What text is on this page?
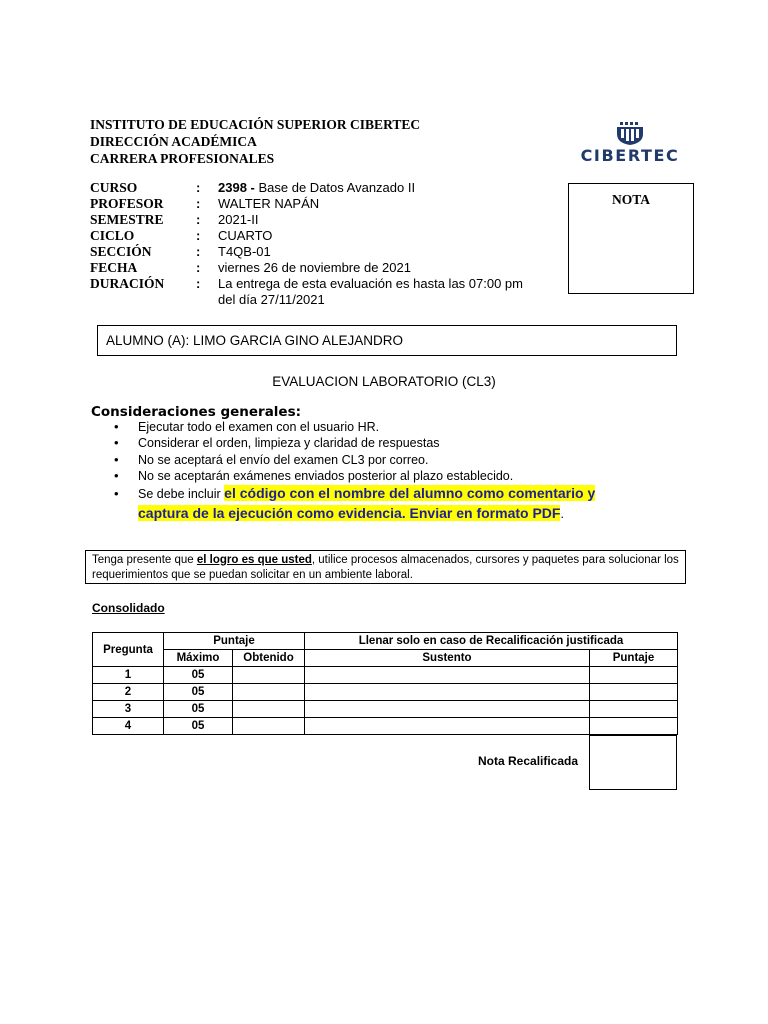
INSTITUTO DE EDUCACIÓN SUPERIOR CIBERTEC
DIRECCIÓN ACADÉMICA
CARRERA PROFESIONALES	CIBERTEC
CURSO	: 2398 - Base de Datos Avanzado II
PROFESOR	: WALTER NAPÁN
SEMESTRE	: 2021-II
CICLO	: CUARTO
SECCIÓN	: T4QB-01
FECHA	: viernes 26 de noviembre de 2021
DURACIÓN	: La entrega de esta evaluación es hasta las 07:00 pm
del día 27/11/2021
NOTA
ALUMNO (A): LIMO GARCIA GINO ALEJANDRO
EVALUACION LABORATORIO (CL3)
Consideraciones generales:
• Ejecutar todo el examen con el usuario HR.
• Considerar el orden, limpieza y claridad de respuestas
• No se aceptará el envío del examen CL3 por correo.
• No se aceptarán exámenes enviados posterior al plazo establecido.
• Se debe incluir el código con el nombre del alumno como comentario y
captura de la ejecución como evidencia. Enviar en formato PDF.
Tenga presente que el logro es que usted, utilice procesos almacenados, cursores y paquetes para solucionar los requerimientos que se puedan solicitar en un ambiente laboral.
Consolidado
Pregunta	Puntaje		Llenar solo en caso de Recalificación justificada	
	Máximo	Obtenido	Sustento	Puntaje
1	05			
2	05			
3	05			
4	05			
Nota Recalificada
